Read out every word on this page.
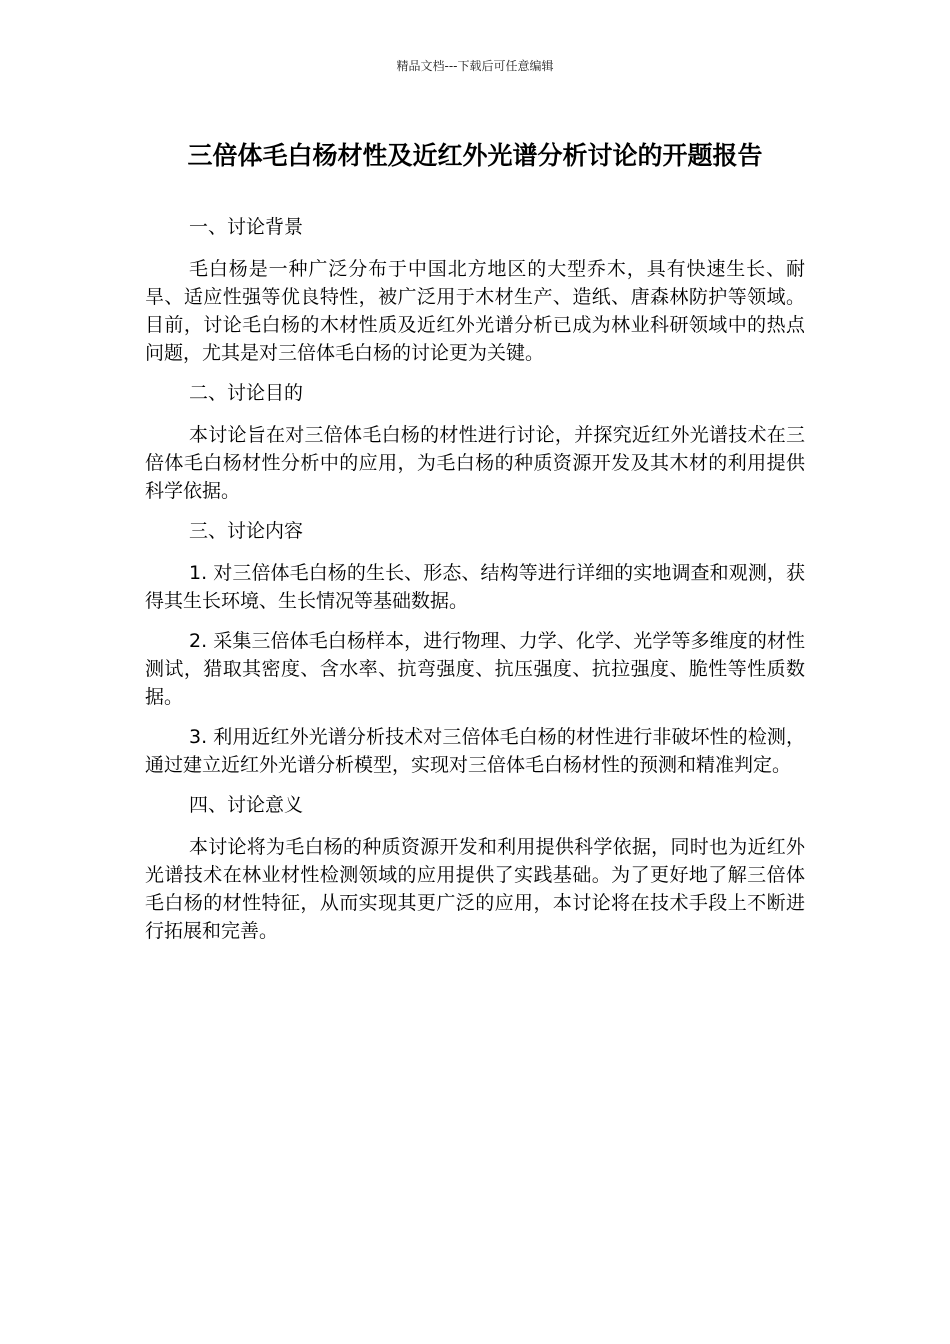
精品文档---下载后可任意编辑
三倍体毛白杨材性及近红外光谱分析讨论的开题报告

一、讨论背景

毛白杨是一种广泛分布于中国北方地区的大型乔木，具有快速生长、耐旱、适应性强等优良特性，被广泛用于木材生产、造纸、唐森林防护等领域。目前，讨论毛白杨的木材性质及近红外光谱分析已成为林业科研领域中的热点问题，尤其是对三倍体毛白杨的讨论更为关键。

二、讨论目的

本讨论旨在对三倍体毛白杨的材性进行讨论，并探究近红外光谱技术在三倍体毛白杨材性分析中的应用，为毛白杨的种质资源开发及其木材的利用提供科学依据。

三、讨论内容

1. 对三倍体毛白杨的生长、形态、结构等进行详细的实地调查和观测，获得其生长环境、生长情况等基础数据。

2. 采集三倍体毛白杨样本，进行物理、力学、化学、光学等多维度的材性测试，猎取其密度、含水率、抗弯强度、抗压强度、抗拉强度、脆性等性质数据。

3. 利用近红外光谱分析技术对三倍体毛白杨的材性进行非破坏性的检测，通过建立近红外光谱分析模型，实现对三倍体毛白杨材性的预测和精准判定。

四、讨论意义

本讨论将为毛白杨的种质资源开发和利用提供科学依据，同时也为近红外光谱技术在林业材性检测领域的应用提供了实践基础。为了更好地了解三倍体毛白杨的材性特征，从而实现其更广泛的应用，本讨论将在技术手段上不断进行拓展和完善。
